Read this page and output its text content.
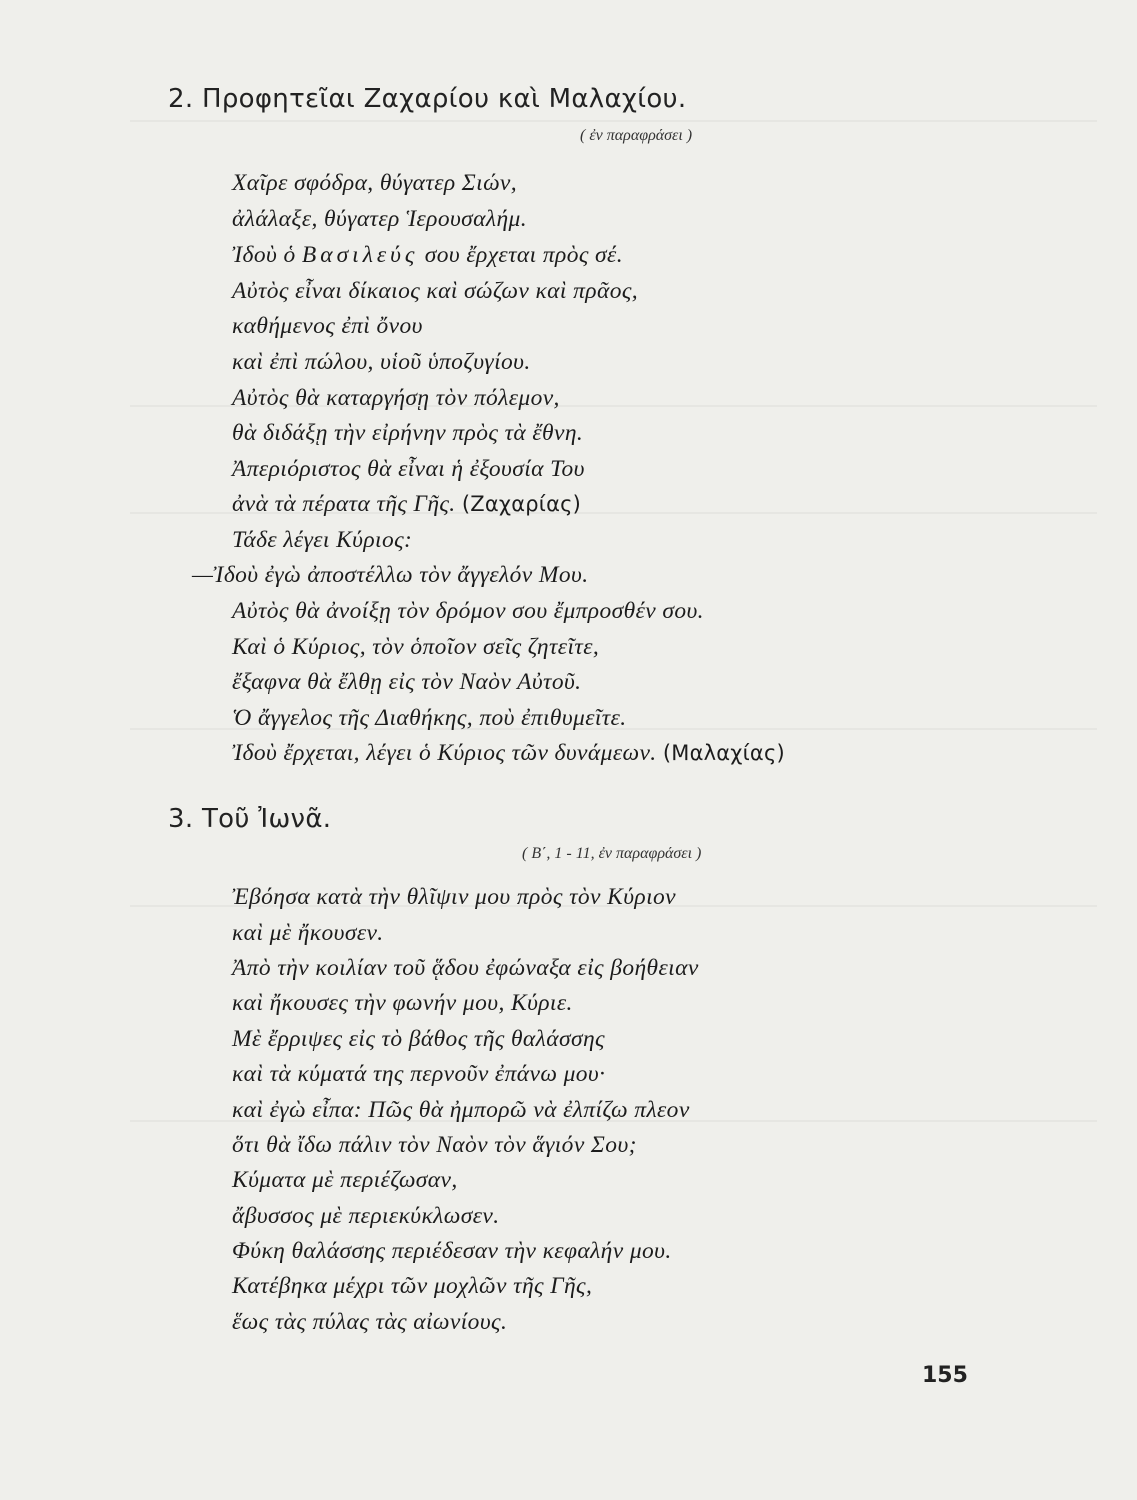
2. Προφητεῖαι Ζαχαρίου καὶ Μαλαχίου.
( ἐν παραφράσει )
Χαῖρε σφόδρα, θύγατερ Σιών,
ἀλάλαξε, θύγατερ Ἱερουσαλήμ.
Ἰδοὺ ὁ Βασιλεύς σου ἔρχεται πρὸς σέ.
Αὐτὸς εἶναι δίκαιος καὶ σώζων καὶ πρᾶος,
καθήμενος ἐπὶ ὄνου
καὶ ἐπὶ πώλου, υἱοῦ ὑποζυγίου.
Αὐτὸς θὰ καταργήσῃ τὸν πόλεμον,
θὰ διδάξῃ τὴν εἰρήνην πρὸς τὰ ἔθνη.
Ἀπεριόριστος θὰ εἶναι ἡ ἐξουσία Του
ἀνὰ τὰ πέρατα τῆς Γῆς. (Ζαχαρίας)
Τάδε λέγει Κύριος:
—Ἰδοὺ ἐγὼ ἀποστέλλω τὸν ἄγγελόν Μου.
Αὐτὸς θὰ ἀνοίξῃ τὸν δρόμον σου ἔμπροσθέν σου.
Καὶ ὁ Κύριος, τὸν ὁποῖον σεῖς ζητεῖτε,
ἔξαφνα θὰ ἔλθῃ εἰς τὸν Ναὸν Αὐτοῦ.
Ὁ ἄγγελος τῆς Διαθήκης, ποὺ ἐπιθυμεῖτε.
Ἰδοὺ ἔρχεται, λέγει ὁ Κύριος τῶν δυνάμεων. (Μαλαχίας)
3. Τοῦ Ἰωνᾶ.
( Β΄, 1 - 11, ἐν παραφράσει )
Ἐβόησα κατὰ τὴν θλῖψιν μου πρὸς τὸν Κύριον
καὶ μὲ ἤκουσεν.
Ἀπὸ τὴν κοιλίαν τοῦ ᾅδου ἐφώναξα εἰς βοήθειαν
καὶ ἤκουσες τὴν φωνήν μου, Κύριε.
Μὲ ἔρριψες εἰς τὸ βάθος τῆς θαλάσσης
καὶ τὰ κύματά της περνοῦν ἐπάνω μου·
καὶ ἐγὼ εἶπα: Πῶς θὰ ἠμπορῶ νὰ ἐλπίζω πλεον
ὅτι θὰ ἴδω πάλιν τὸν Ναὸν τὸν ἅγιόν Σου;
Κύματα μὲ περιέζωσαν,
ἄβυσσος μὲ περιεκύκλωσεν.
Φύκη θαλάσσης περιέδεσαν τὴν κεφαλήν μου.
Κατέβηκα μέχρι τῶν μοχλῶν τῆς Γῆς,
ἕως τὰς πύλας τὰς αἰωνίους.
155
